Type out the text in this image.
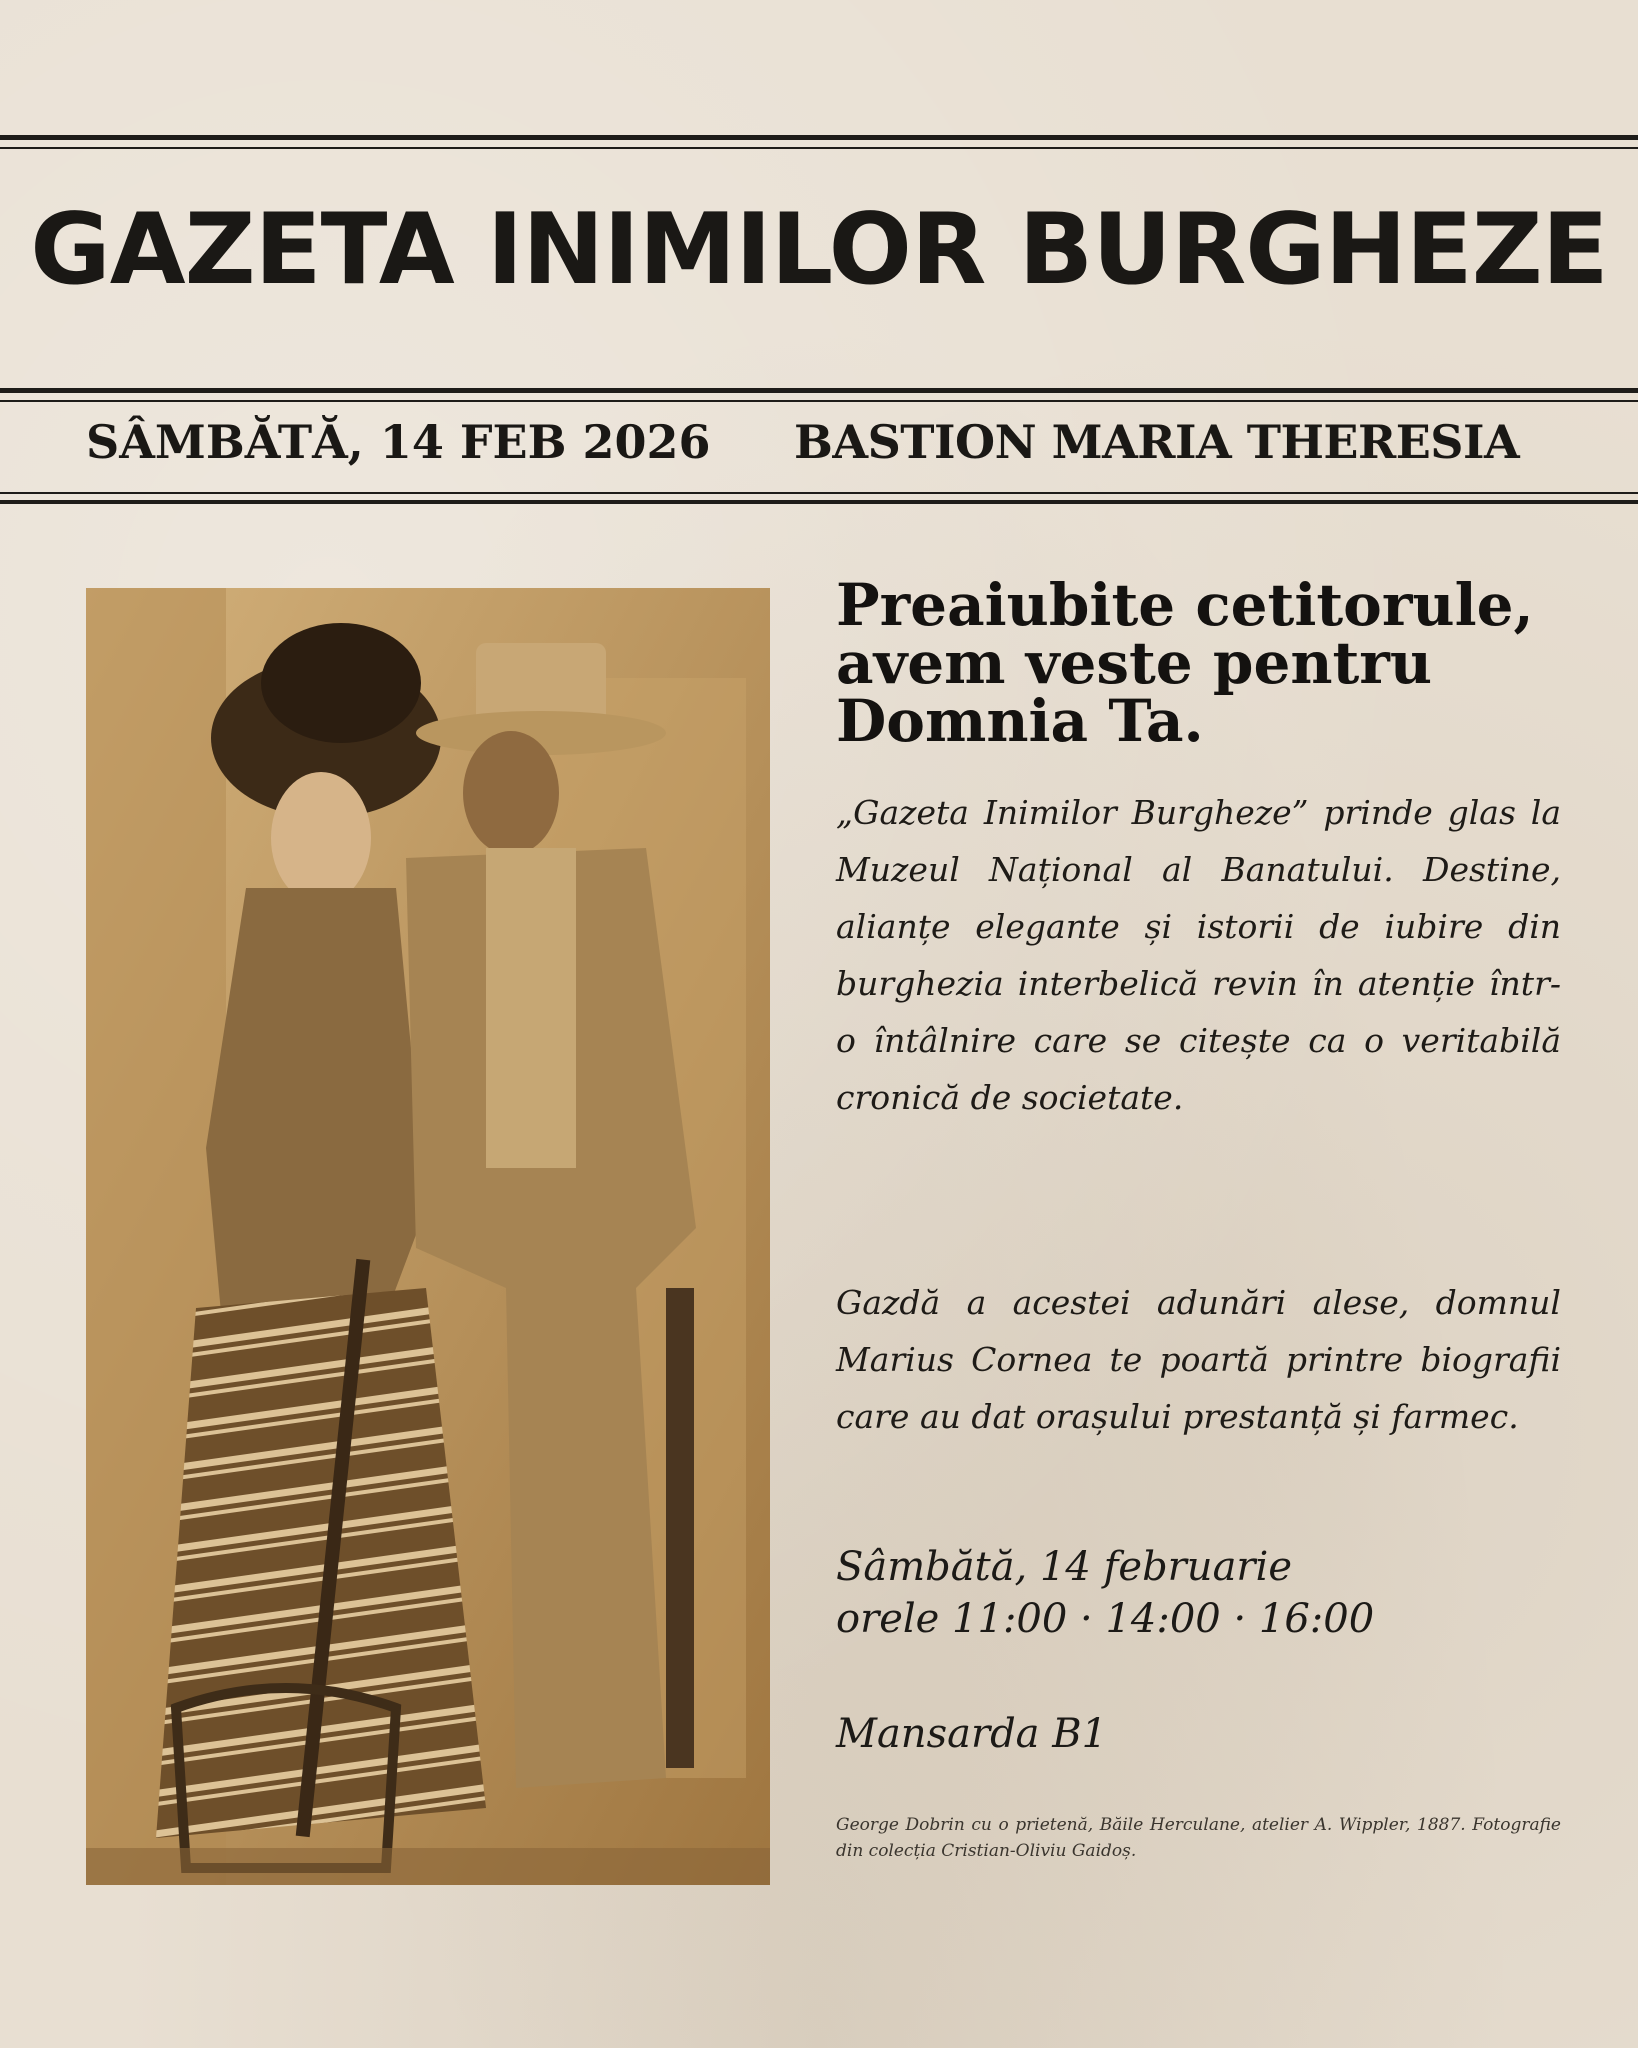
GAZETA INIMILOR BURGHEZE
SÂMBĂTĂ, 14 FEB 2026	BASTION MARIA THERESIA
Preaiubite cetitorule,
avem veste pentru
Domnia Ta.
„Gazeta Inimilor Burgheze” prinde glas la Muzeul Național al Banatului. Destine, alianțe elegante și istorii de iubire din burghezia interbelică revin în atenție într-o întâlnire care se citește ca o veritabilă cronică de societate.
Gazdă a acestei adunări alese, domnul Marius Cornea te poartă printre biografii care au dat orașului prestanță și farmec.
Sâmbătă, 14 februarie
orele 11:00 · 14:00 · 16:00
Mansarda B1
George Dobrin cu o prietenă, Băile Herculane, atelier A. Wippler, 1887. Fotografie din colecția Cristian-Oliviu Gaidoș.
